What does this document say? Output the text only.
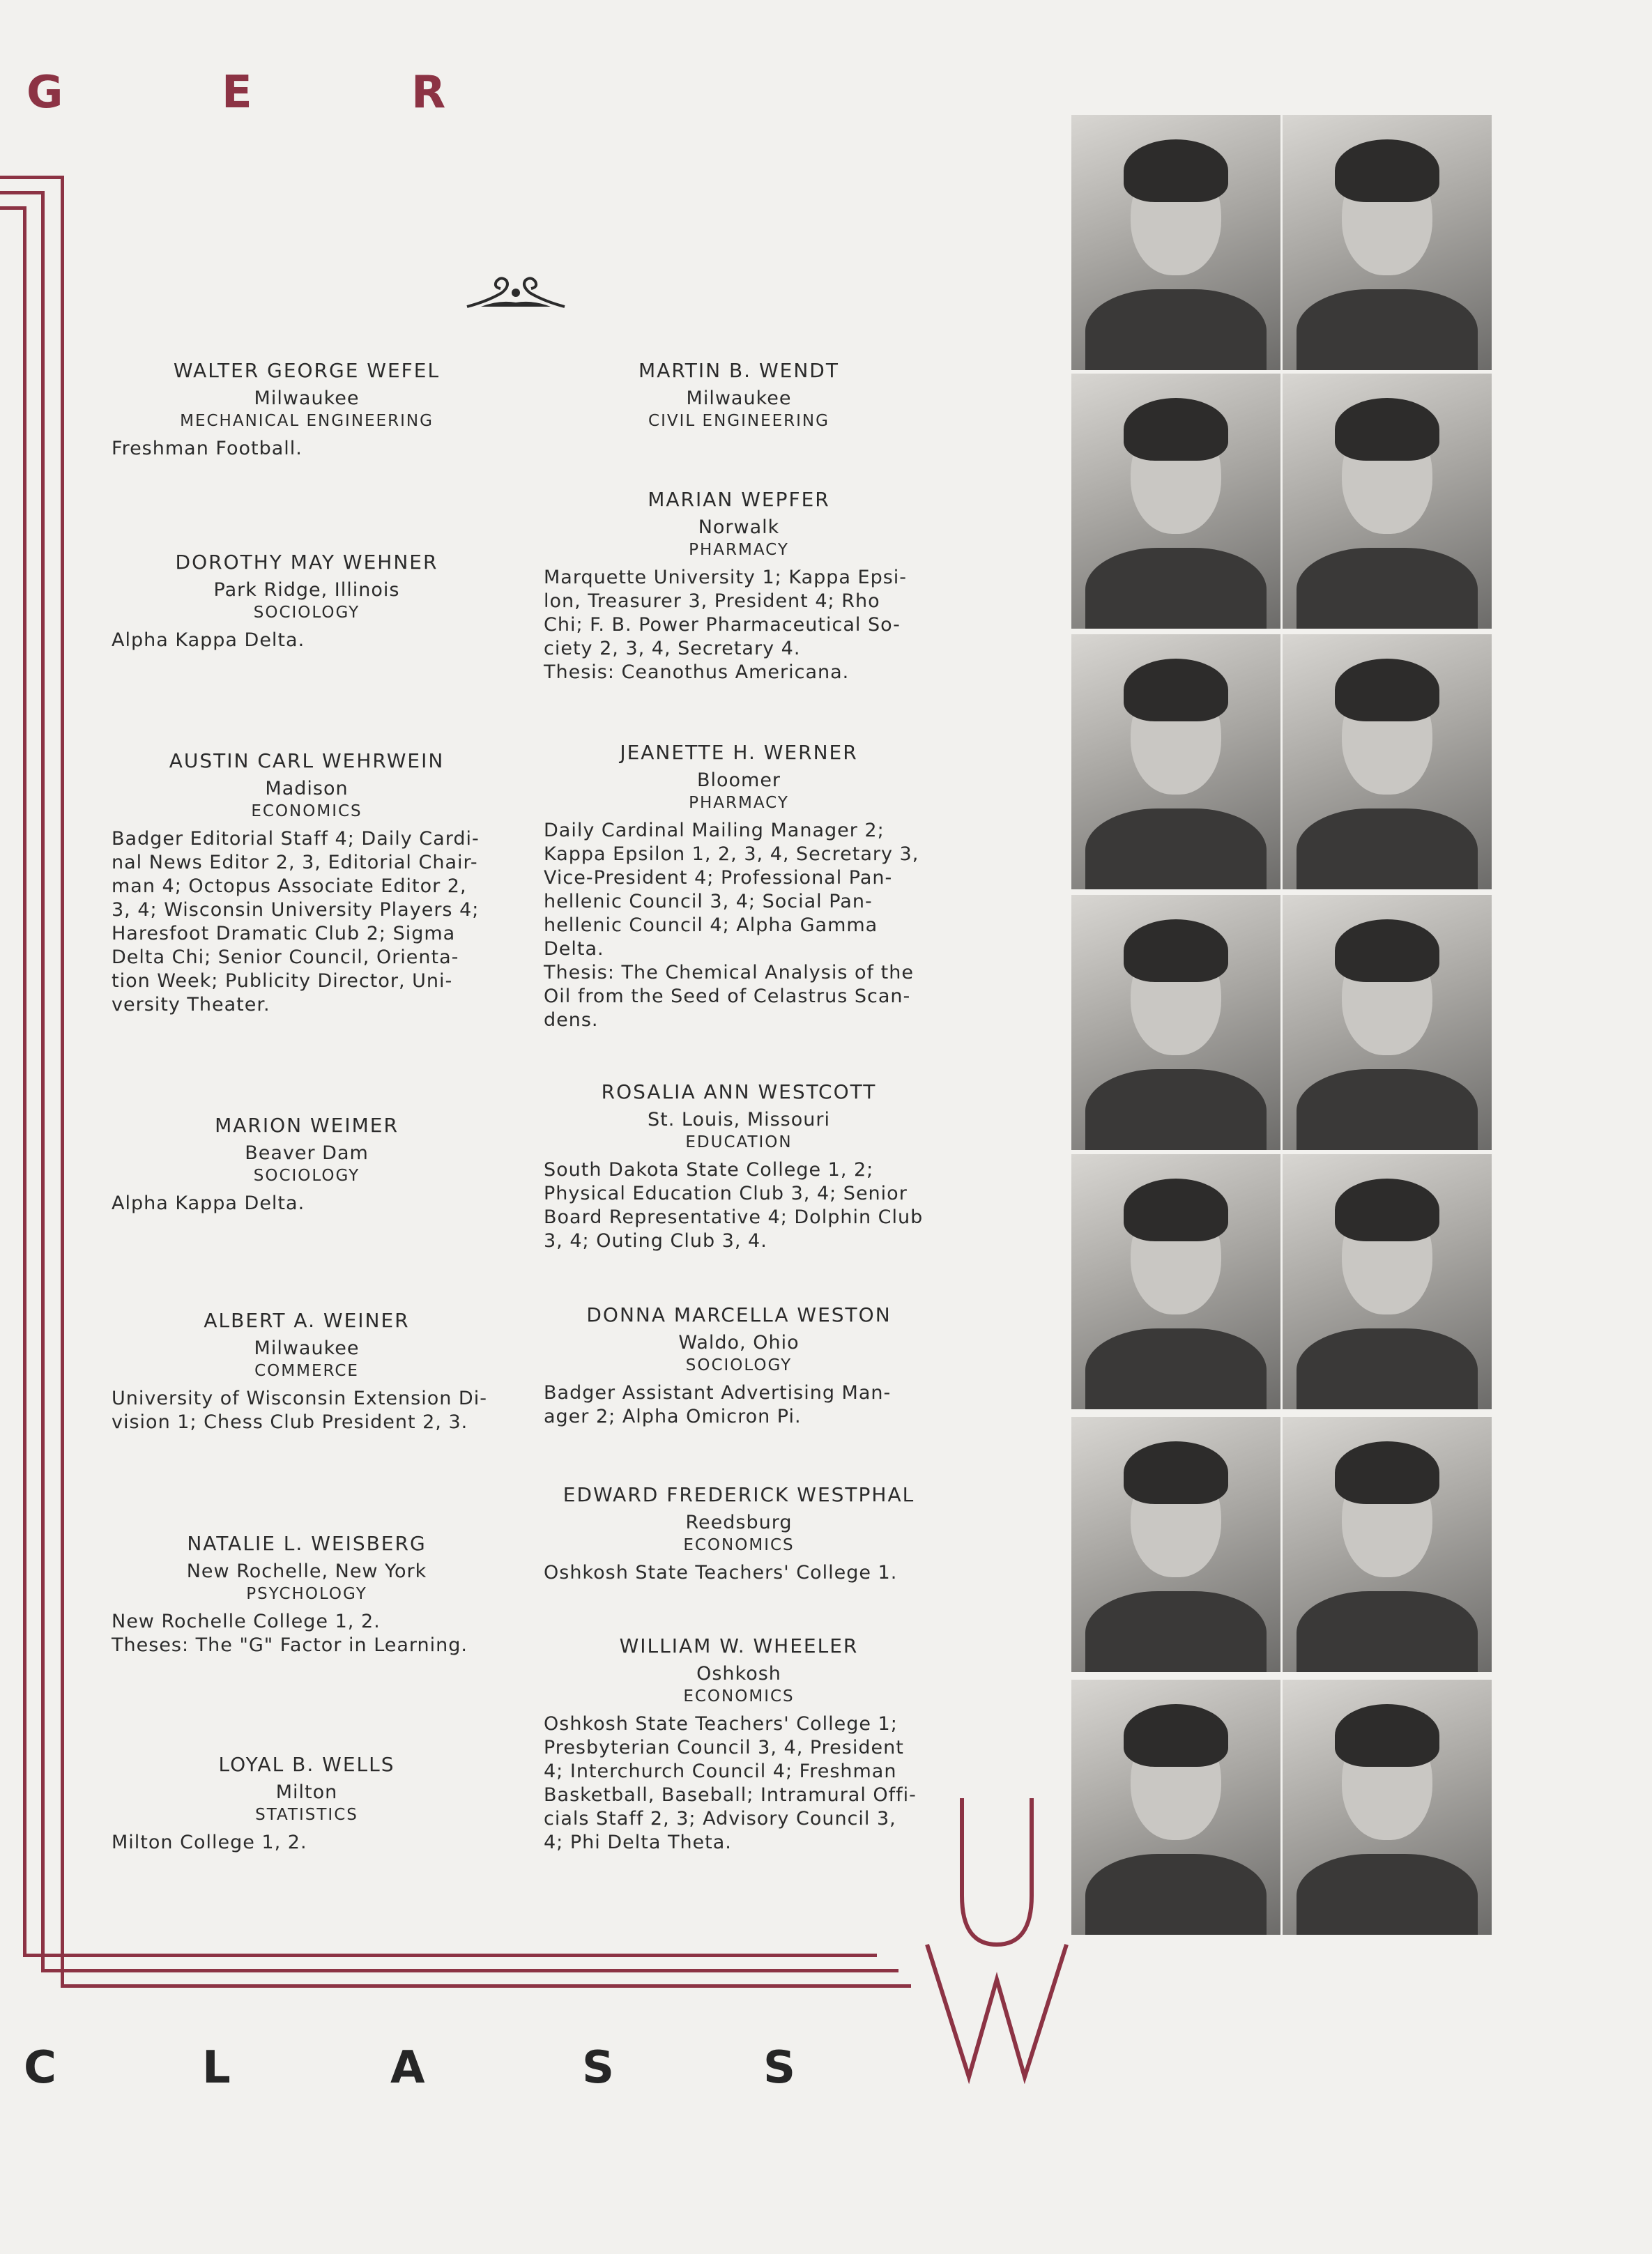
G	E	R
WALTER GEORGE WEFEL
Milwaukee
MECHANICAL ENGINEERING
Freshman Football.
DOROTHY MAY WEHNER
Park Ridge, Illinois
SOCIOLOGY
Alpha Kappa Delta.
AUSTIN CARL WEHRWEIN
Madison
ECONOMICS
Badger Editorial Staff 4; Daily Cardi-
nal News Editor 2, 3, Editorial Chair-
man 4; Octopus Associate Editor 2,
3, 4; Wisconsin University Players 4;
Haresfoot Dramatic Club 2; Sigma
Delta Chi; Senior Council, Orienta-
tion Week; Publicity Director, Uni-
versity Theater.
MARION WEIMER
Beaver Dam
SOCIOLOGY
Alpha Kappa Delta.
ALBERT A. WEINER
Milwaukee
COMMERCE
University of Wisconsin Extension Di-
vision 1; Chess Club President 2, 3.
NATALIE L. WEISBERG
New Rochelle, New York
PSYCHOLOGY
New Rochelle College 1, 2.
Theses: The "G" Factor in Learning.
LOYAL B. WELLS
Milton
STATISTICS
Milton College 1, 2.
MARTIN B. WENDT
Milwaukee
CIVIL ENGINEERING
MARIAN WEPFER
Norwalk
PHARMACY
Marquette University 1; Kappa Epsi-
lon, Treasurer 3, President 4; Rho
Chi; F. B. Power Pharmaceutical So-
ciety 2, 3, 4, Secretary 4.
Thesis: Ceanothus Americana.
JEANETTE H. WERNER
Bloomer
PHARMACY
Daily Cardinal Mailing Manager 2;
Kappa Epsilon 1, 2, 3, 4, Secretary 3,
Vice-President 4; Professional Pan-
hellenic Council 3, 4; Social Pan-
hellenic Council 4; Alpha Gamma
Delta.
Thesis: The Chemical Analysis of the
Oil from the Seed of Celastrus Scan-
dens.
ROSALIA ANN WESTCOTT
St. Louis, Missouri
EDUCATION
South Dakota State College 1, 2;
Physical Education Club 3, 4; Senior
Board Representative 4; Dolphin Club
3, 4; Outing Club 3, 4.
DONNA MARCELLA WESTON
Waldo, Ohio
SOCIOLOGY
Badger Assistant Advertising Man-
ager 2; Alpha Omicron Pi.
EDWARD FREDERICK WESTPHAL
Reedsburg
ECONOMICS
Oshkosh State Teachers' College 1.
WILLIAM W. WHEELER
Oshkosh
ECONOMICS
Oshkosh State Teachers' College 1;
Presbyterian Council 3, 4, President
4; Interchurch Council 4; Freshman
Basketball, Baseball; Intramural Offi-
cials Staff 2, 3; Advisory Council 3,
4; Phi Delta Theta.
C	L	A	S	S
